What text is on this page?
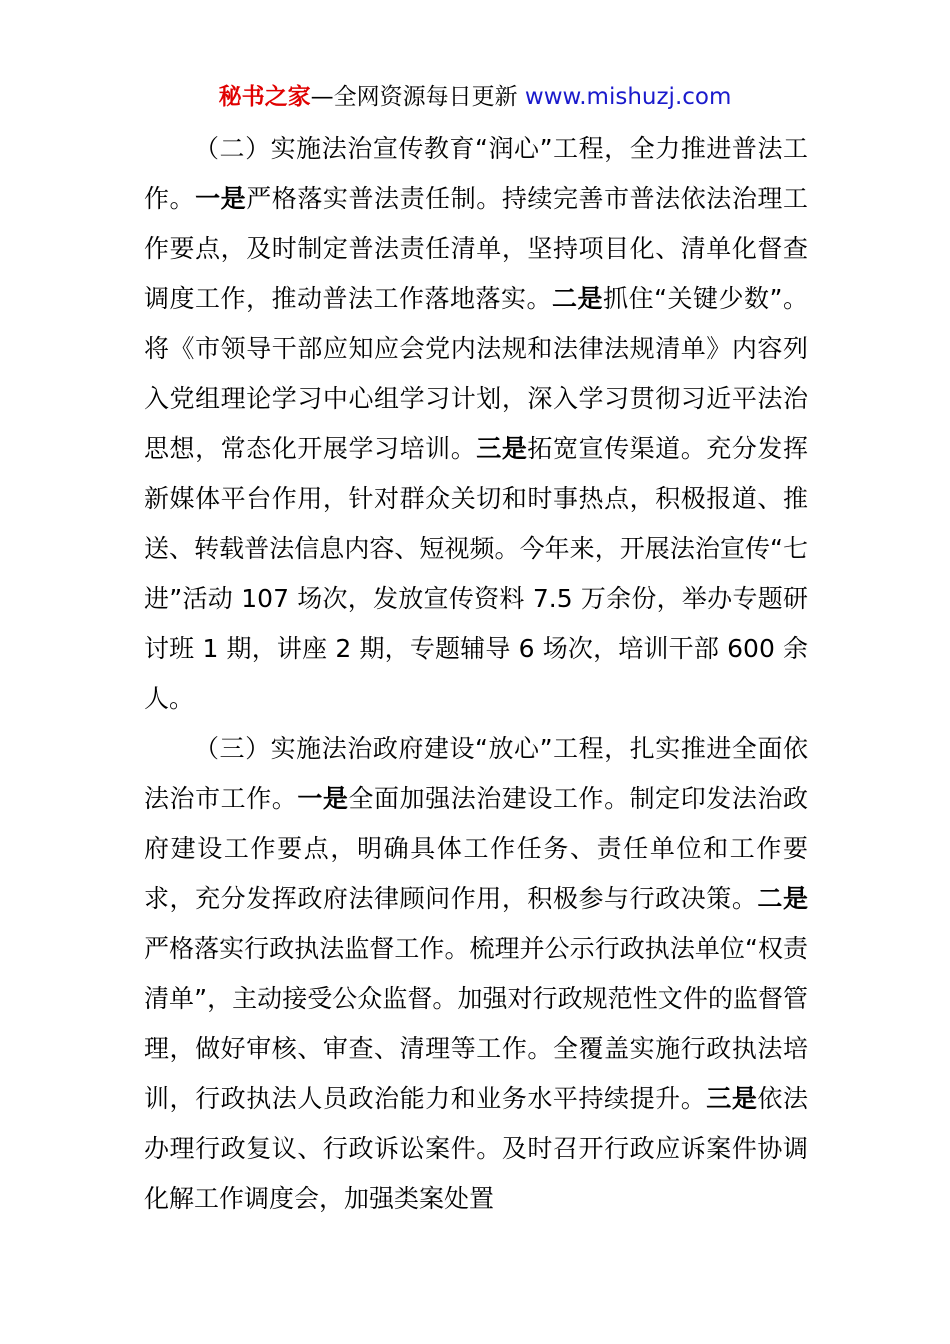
秘书之家—全网资源每日更新 www.mishuzj.com

（二）实施法治宣传教育“润心”工程，全力推进普法工作。一是严格落实普法责任制。持续完善市普法依法治理工作要点，及时制定普法责任清单，坚持项目化、清单化督查调度工作，推动普法工作落地落实。二是抓住“关键少数”。将《市领导干部应知应会党内法规和法律法规清单》内容列入党组理论学习中心组学习计划，深入学习贯彻习近平法治思想，常态化开展学习培训。三是拓宽宣传渠道。充分发挥新媒体平台作用，针对群众关切和时事热点，积极报道、推送、转载普法信息内容、短视频。今年来，开展法治宣传“七进”活动 107 场次，发放宣传资料 7.5 万余份，举办专题研讨班 1 期，讲座 2 期，专题辅导 6 场次，培训干部 600 余人。

（三）实施法治政府建设“放心”工程，扎实推进全面依法治市工作。一是全面加强法治建设工作。制定印发法治政府建设工作要点，明确具体工作任务、责任单位和工作要求，充分发挥政府法律顾问作用，积极参与行政决策。二是严格落实行政执法监督工作。梳理并公示行政执法单位“权责清单”，主动接受公众监督。加强对行政规范性文件的监督管理，做好审核、审查、清理等工作。全覆盖实施行政执法培训，行政执法人员政治能力和业务水平持续提升。三是依法办理行政复议、行政诉讼案件。及时召开行政应诉案件协调化解工作调度会，加强类案处置
